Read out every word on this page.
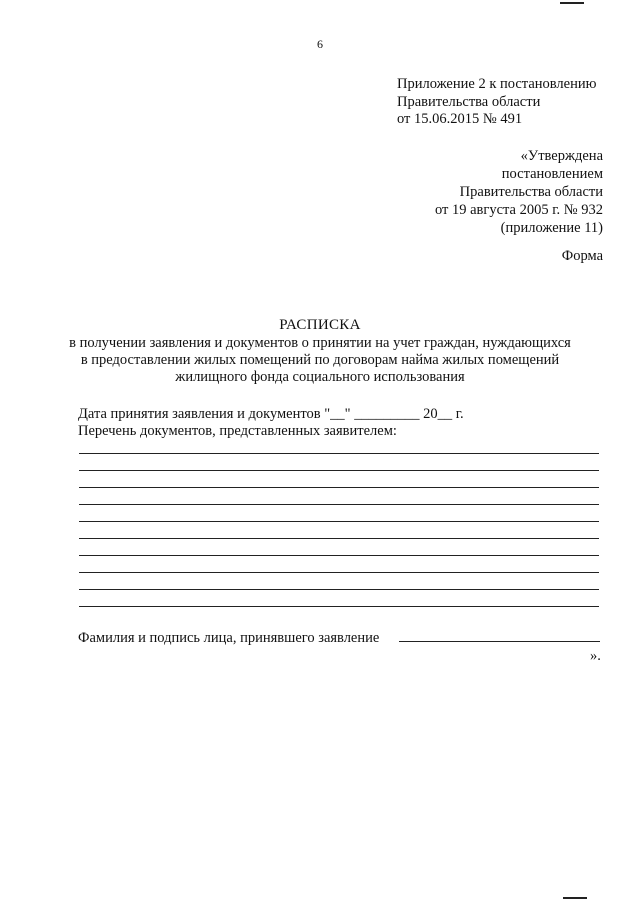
6
Приложение 2 к постановлению
Правительства области
от 15.06.2015 № 491
«Утверждена
постановлением
Правительства области
от 19 августа 2005 г. № 932
(приложение 11)
Форма
РАСПИСКА
в получении заявления и документов о принятии на учет граждан, нуждающихся
в предоставлении жилых помещений по договорам найма жилых помещений
жилищного фонда социального использования
Дата принятия заявления и документов "__" _________ 20__ г.
Перечень документов, представленных заявителем:
Фамилия и подпись лица, принявшего заявление
».
